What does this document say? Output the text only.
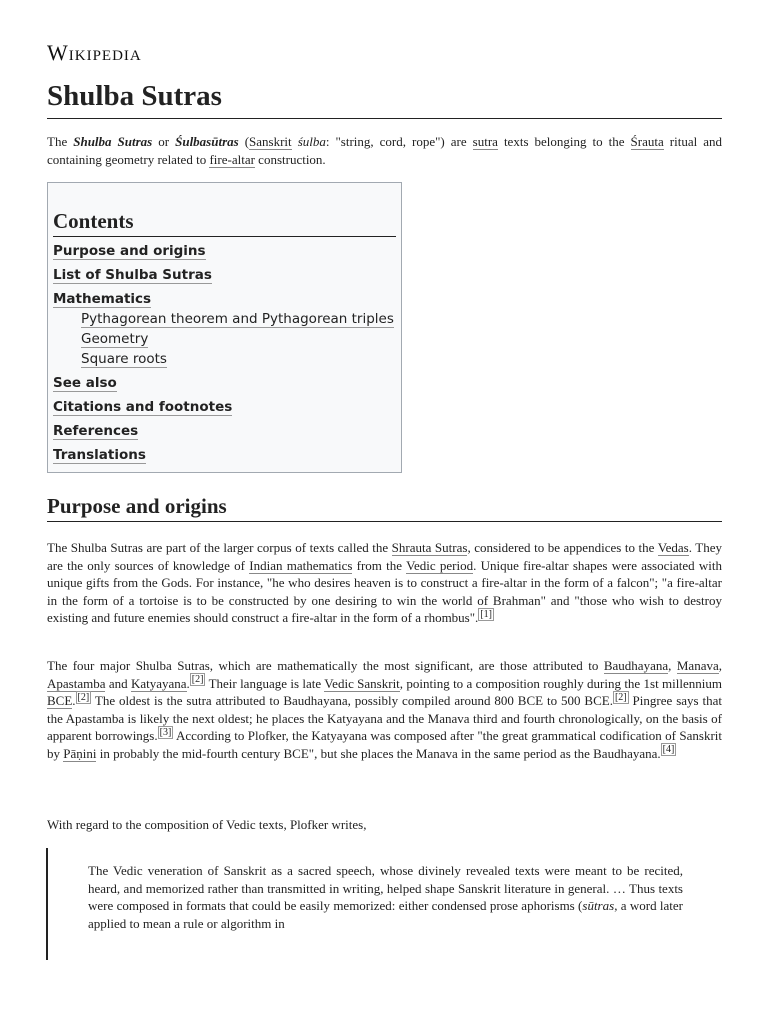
Wikipedia
Shulba Sutras

The Shulba Sutras or Śulbasūtras (Sanskrit śulba: "string, cord, rope") are sutra texts belonging to the Śrauta ritual and containing geometry related to fire-altar construction.

Contents
Purpose and origins
List of Shulba Sutras
Mathematics
Pythagorean theorem and Pythagorean triples
Geometry
Square roots
See also
Citations and footnotes
References
Translations
Purpose and origins

The Shulba Sutras are part of the larger corpus of texts called the Shrauta Sutras, considered to be appendices to the Vedas. They are the only sources of knowledge of Indian mathematics from the Vedic period. Unique fire-altar shapes were associated with unique gifts from the Gods. For instance, "he who desires heaven is to construct a fire-altar in the form of a falcon"; "a fire-altar in the form of a tortoise is to be constructed by one desiring to win the world of Brahman" and "those who wish to destroy existing and future enemies should construct a fire-altar in the form of a rhombus". [1]

The four major Shulba Sutras, which are mathematically the most significant, are those attributed to Baudhayana, Manava, Apastamba and Katyayana. [2] Their language is late Vedic Sanskrit, pointing to a composition roughly during the 1st millennium BCE. [2] The oldest is the sutra attributed to Baudhayana, possibly compiled around 800 BCE to 500 BCE. [2] Pingree says that the Apastamba is likely the next oldest; he places the Katyayana and the Manava third and fourth chronologically, on the basis of apparent borrowings. [3] According to Plofker, the Katyayana was composed after "the great grammatical codification of Sanskrit by Pāṇini in probably the mid-fourth century BCE", but she places the Manava in the same period as the Baudhayana. [4]

With regard to the composition of Vedic texts, Plofker writes,

The Vedic veneration of Sanskrit as a sacred speech, whose divinely revealed texts were meant to be recited, heard, and memorized rather than transmitted in writing, helped shape Sanskrit literature in general. … Thus texts were composed in formats that could be easily memorized: either condensed prose aphorisms (sūtras, a word later applied to mean a rule or algorithm in
